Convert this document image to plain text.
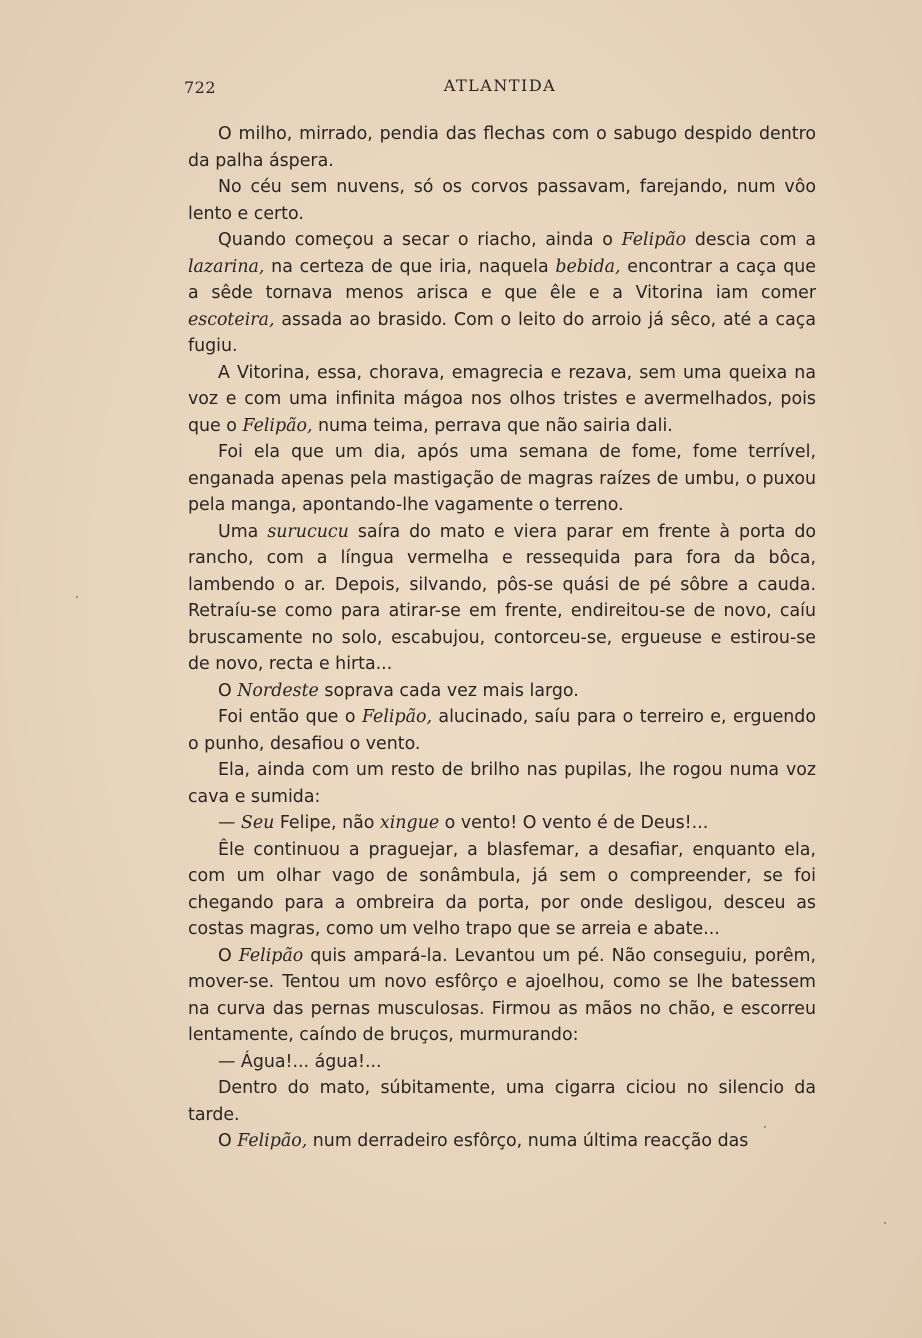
722	ATLANTIDA

O milho, mirrado, pendia das flechas com o sabugo despido dentro da palha áspera.

No céu sem nuvens, só os corvos passavam, farejando, num vôo lento e certo.

Quando começou a secar o riacho, ainda o Felipão descia com a lazarina, na certeza de que iria, naquela bebida, encontrar a caça que a sêde tornava menos arisca e que êle e a Vitorina iam comer escoteira, assada ao brasido. Com o leito do arroio já sêco, até a caça fugiu.

A Vitorina, essa, chorava, emagrecia e rezava, sem uma queixa na voz e com uma infinita mágoa nos olhos tristes e avermelhados, pois que o Felipão, numa teima, perrava que não sairia dali.

Foi ela que um dia, após uma semana de fome, fome terrível, enganada apenas pela mastigação de magras raízes de umbu, o puxou pela manga, apontando-lhe vagamente o terreno.

Uma surucucu saíra do mato e viera parar em frente à porta do rancho, com a língua vermelha e ressequida para fora da bôca, lambendo o ar. Depois, silvando, pôs-se quási de pé sôbre a cauda. Retraíu-se como para atirar-se em frente, endireitou-se de novo, caíu bruscamente no solo, escabujou, contorceu-se, ergueuse e estirou-se de novo, recta e hirta...

O Nordeste soprava cada vez mais largo.

Foi então que o Felipão, alucinado, saíu para o terreiro e, erguendo o punho, desafiou o vento.

Ela, ainda com um resto de brilho nas pupilas, lhe rogou numa voz cava e sumida:

— Seu Felipe, não xingue o vento! O vento é de Deus!...

Êle continuou a praguejar, a blasfemar, a desafiar, enquanto ela, com um olhar vago de sonâmbula, já sem o compreender, se foi chegando para a ombreira da porta, por onde desligou, desceu as costas magras, como um velho trapo que se arreia e abate...

O Felipão quis ampará-la. Levantou um pé. Não conseguiu, porêm, mover-se. Tentou um novo esfôrço e ajoelhou, como se lhe batessem na curva das pernas musculosas. Firmou as mãos no chão, e escorreu lentamente, caíndo de bruços, murmurando:

— Água!... água!...

Dentro do mato, súbitamente, uma cigarra ciciou no silencio da tarde.

O Felipão, num derradeiro esfôrço, numa última reacção das
